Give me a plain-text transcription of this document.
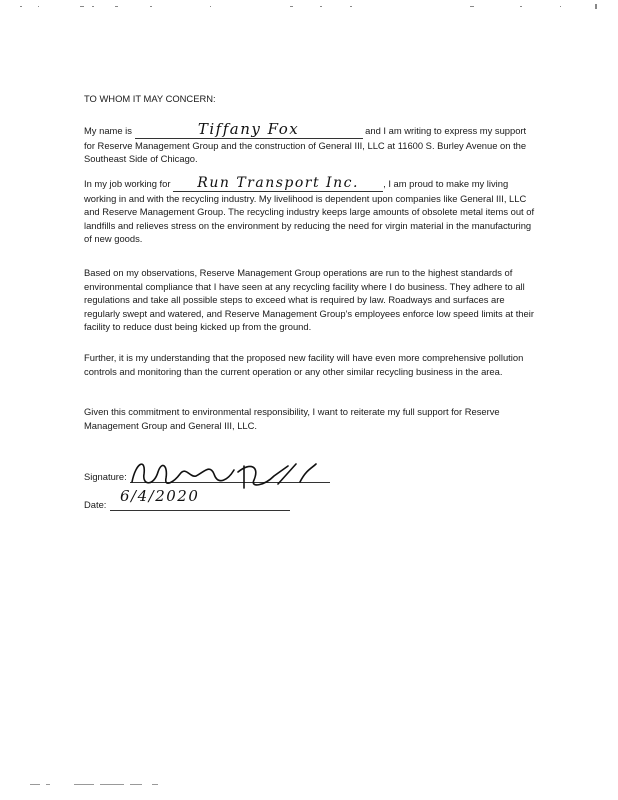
TO WHOM IT MAY CONCERN:

My name is	Tiffany Fox	and I am writing to express my support for Reserve Management Group and the construction of General III, LLC at 11600 S. Burley Avenue on the Southeast Side of Chicago.

In my job working for Run Transport Inc.	, I am proud to make my living working in and with the recycling industry. My livelihood is dependent upon companies like General III, LLC and Reserve Management Group. The recycling industry keeps large amounts of obsolete metal items out of landfills and relieves stress on the environment by reducing the need for virgin material in the manufacturing of new goods.

Based on my observations, Reserve Management Group operations are run to the highest standards of environmental compliance that I have seen at any recycling facility where I do business. They adhere to all regulations and take all possible steps to exceed what is required by law. Roadways and surfaces are regularly swept and watered, and Reserve Management Group's employees enforce low speed limits at their facility to reduce dust being kicked up from the ground.

Further, it is my understanding that the proposed new facility will have even more comprehensive pollution controls and monitoring than the current operation or any other similar recycling business in the area.

Given this commitment to environmental responsibility, I want to reiterate my full support for Reserve Management Group and General III, LLC.

Signature:
Date: 6/4/2020
